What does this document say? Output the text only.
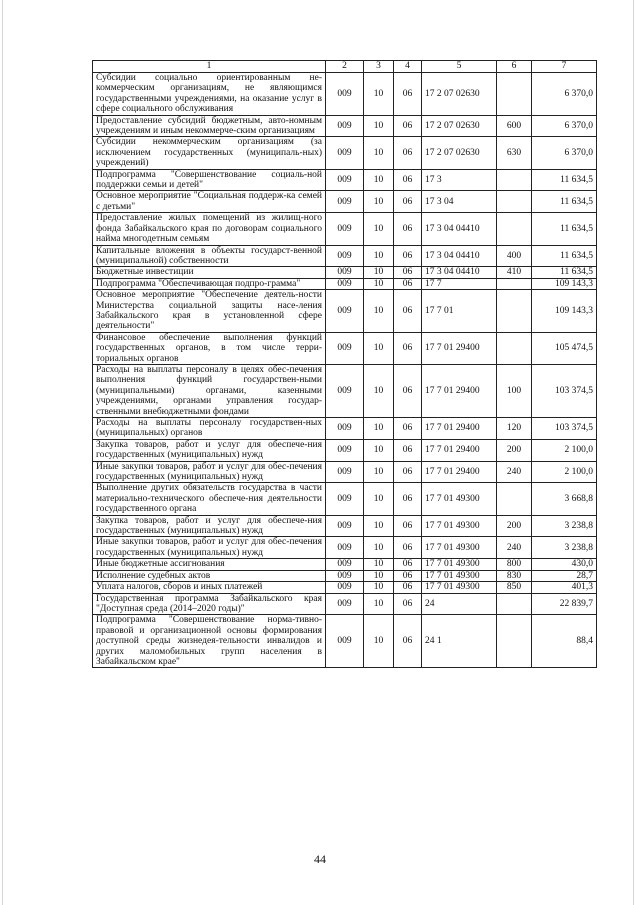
1	2	3	4	5	6	7
Субсидии социально ориентированным не-коммерческим организациям, не являющимся государственными учреждениями, на оказание услуг в сфере социального обслуживания	009	10	06	17 2 07 02630		6 370,0
Предоставление субсидий бюджетным, авто-номным учреждениям и иным некоммерче-ским организациям	009	10	06	17 2 07 02630	600	6 370,0
Субсидии некоммерческим организациям (за исключением государственных (муниципаль-ных) учреждений)	009	10	06	17 2 07 02630	630	6 370,0
Подпрограмма "Совершенствование социаль-ной поддержки семьи и детей"	009	10	06	17 3		11 634,5
Основное мероприятие "Социальная поддерж-ка семей с детьми"	009	10	06	17 3 04		11 634,5
Предоставление жилых помещений из жилищ-ного фонда Забайкальского края по договорам социального найма многодетным семьям	009	10	06	17 3 04 04410		11 634,5
Капитальные вложения в объекты государст-венной (муниципальной) собственности	009	10	06	17 3 04 04410	400	11 634,5
Бюджетные инвестиции	009	10	06	17 3 04 04410	410	11 634,5
Подпрограмма "Обеспечивающая подпро-грамма"	009	10	06	17 7		109 143,3
Основное мероприятие "Обеспечение деятель-ности Министерства социальной защиты насе-ления Забайкальского края в установленной сфере деятельности"	009	10	06	17 7 01		109 143,3
Финансовое обеспечение выполнения функций государственных органов, в том числе терри-ториальных органов	009	10	06	17 7 01 29400		105 474,5
Расходы на выплаты персоналу в целях обес-печения выполнения функций государствен-ными (муниципальными) органами, казенными учреждениями, органами управления государ-ственными внебюджетными фондами	009	10	06	17 7 01 29400	100	103 374,5
Расходы на выплаты персоналу государствен-ных (муниципальных) органов	009	10	06	17 7 01 29400	120	103 374,5
Закупка товаров, работ и услуг для обеспече-ния государственных (муниципальных) нужд	009	10	06	17 7 01 29400	200	2 100,0
Иные закупки товаров, работ и услуг для обес-печения государственных (муниципальных) нужд	009	10	06	17 7 01 29400	240	2 100,0
Выполнение других обязательств государства в части материально-технического обеспече-ния деятельности государственного органа	009	10	06	17 7 01 49300		3 668,8
Закупка товаров, работ и услуг для обеспече-ния государственных (муниципальных) нужд	009	10	06	17 7 01 49300	200	3 238,8
Иные закупки товаров, работ и услуг для обес-печения государственных (муниципальных) нужд	009	10	06	17 7 01 49300	240	3 238,8
Иные бюджетные ассигнования	009	10	06	17 7 01 49300	800	430,0
Исполнение судебных актов	009	10	06	17 7 01 49300	830	28,7
Уплата налогов, сборов и иных платежей	009	10	06	17 7 01 49300	850	401,3
Государственная программа Забайкальского края "Доступная среда (2014–2020 годы)"	009	10	06	24		22 839,7
Подпрограмма "Совершенствование норма-тивно-правовой и организационной основы формирования доступной среды жизнедея-тельности инвалидов и других маломобильных групп населения в Забайкальском крае"	009	10	06	24 1		88,4
44
